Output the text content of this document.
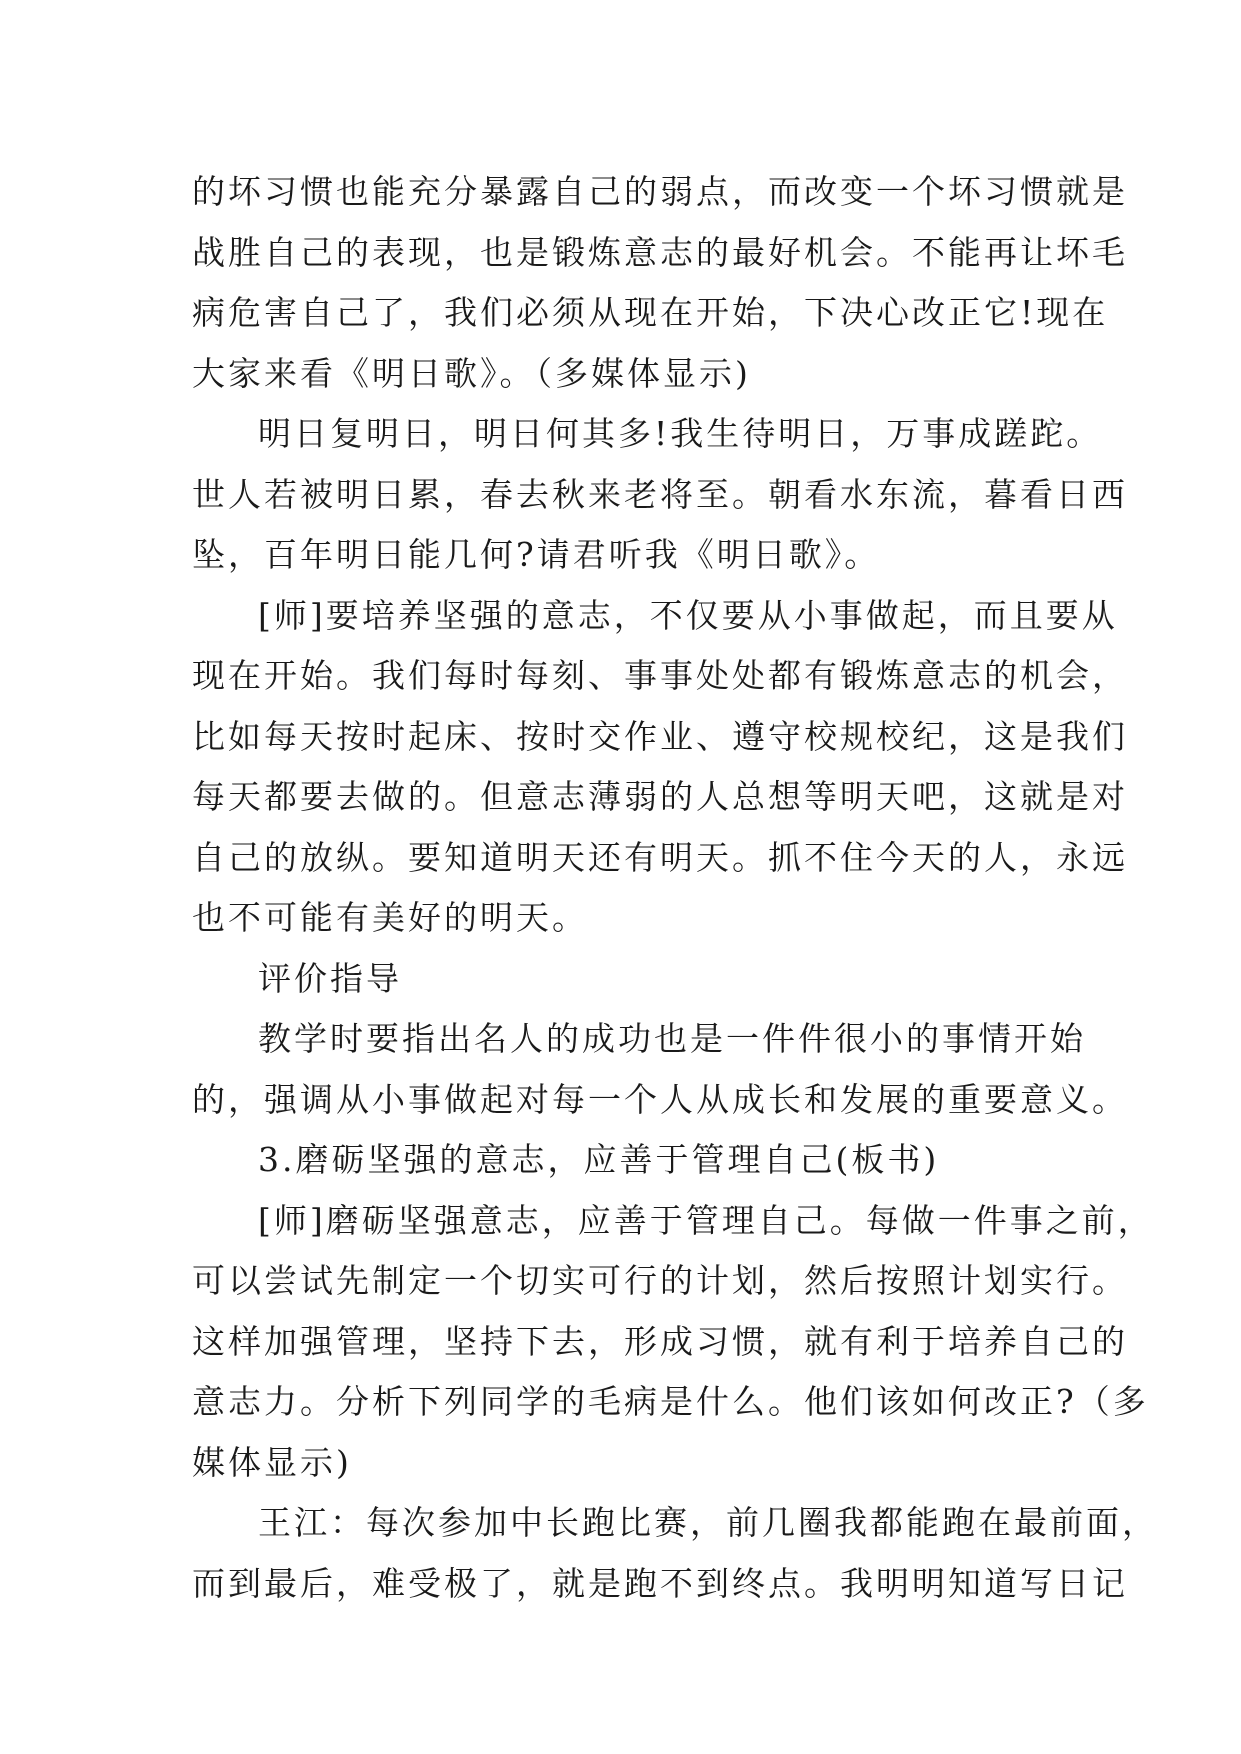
的坏习惯也能充分暴露自己的弱点，而改变一个坏习惯就是
战胜自己的表现，也是锻炼意志的最好机会。不能再让坏毛
病危害自己了，我们必须从现在开始，下决心改正它!现在
大家来看《明日歌》。（多媒体显示)
明日复明日，明日何其多!我生待明日，万事成蹉跎。
世人若被明日累，春去秋来老将至。朝看水东流，暮看日西
坠，百年明日能几何?请君听我《明日歌》。
[师]要培养坚强的意志，不仅要从小事做起，而且要从
现在开始。我们每时每刻、事事处处都有锻炼意志的机会，
比如每天按时起床、按时交作业、遵守校规校纪，这是我们
每天都要去做的。但意志薄弱的人总想等明天吧，这就是对
自己的放纵。要知道明天还有明天。抓不住今天的人，永远
也不可能有美好的明天。
评价指导
教学时要指出名人的成功也是一件件很小的事情开始
的，强调从小事做起对每一个人从成长和发展的重要意义。
3.磨砺坚强的意志，应善于管理自己(板书)
[师]磨砺坚强意志，应善于管理自己。每做一件事之前，
可以尝试先制定一个切实可行的计划，然后按照计划实行。
这样加强管理，坚持下去，形成习惯，就有利于培养自己的
意志力。分析下列同学的毛病是什么。他们该如何改正?（多
媒体显示)
王江：每次参加中长跑比赛，前几圈我都能跑在最前面，
而到最后，难受极了，就是跑不到终点。我明明知道写日记
